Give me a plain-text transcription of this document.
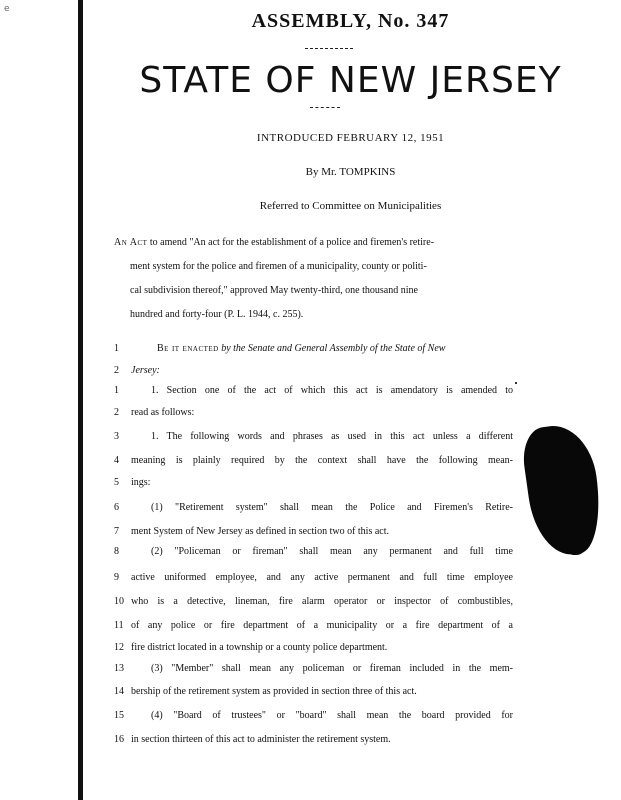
e
ASSEMBLY, No. 347
STATE OF NEW JERSEY
INTRODUCED FEBRUARY 12, 1951
By Mr. TOMPKINS
Referred to Committee on Municipalities
An Act to amend "An act for the establishment of a police and firemen's retire-
ment system for the police and firemen of a municipality, county or politi-
cal subdivision thereof," approved May twenty-third, one thousand nine
hundred and forty-four (P. L. 1944, c. 255).
1	Be it enacted by the Senate and General Assembly of the State of New
2	Jersey:
1	1. Section one of the act of which this act is amendatory is amended to
2	read as follows:
3	1. The following words and phrases as used in this act unless a different
4	meaning is plainly required by the context shall have the following mean-
5	ings:
6	(1) "Retirement system" shall mean the Police and Firemen's Retire-
7	ment System of New Jersey as defined in section two of this act.
8	(2) "Policeman or fireman" shall mean any permanent and full time
9	active uniformed employee, and any active permanent and full time employee
10 who is a detective, lineman, fire alarm operator or inspector of combustibles,
11 of any police or fire department of a municipality or a fire department of a
12 fire district located in a township or a county police department.
13	(3) "Member" shall mean any policeman or fireman included in the mem-
14 bership of the retirement system as provided in section three of this act.
15	(4) "Board of trustees" or "board" shall mean the board provided for
16 in section thirteen of this act to administer the retirement system.
